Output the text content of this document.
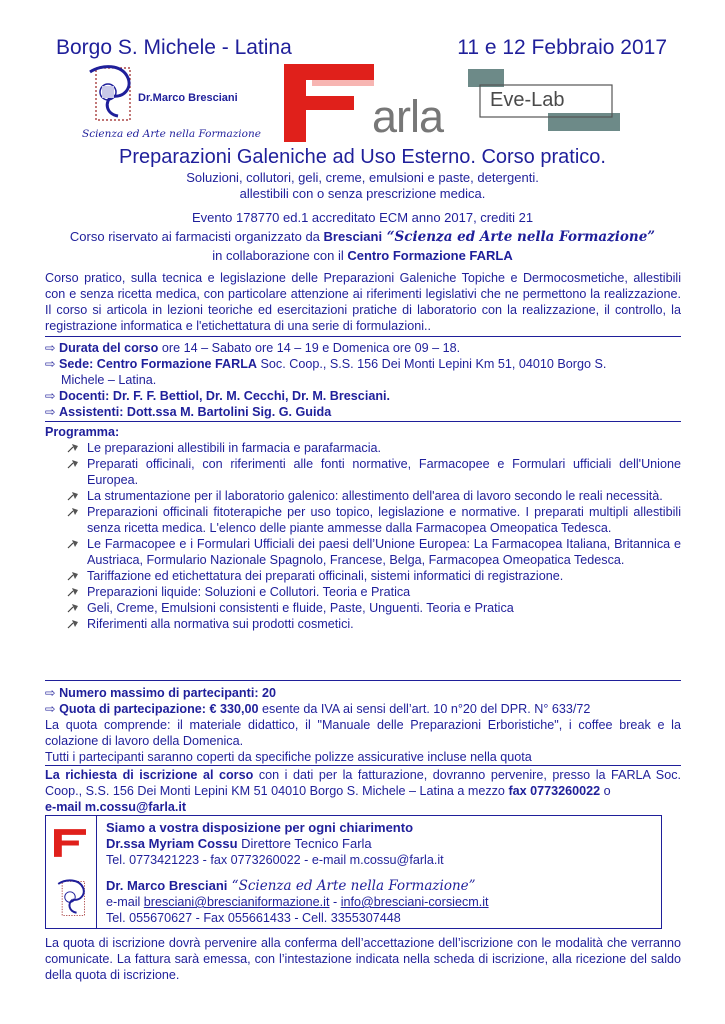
Borgo S. Michele - Latina	11 e 12 Febbraio 2017
Dr.Marco Bresciani
Scienza ed Arte nella Formazione arla Eve-Lab
Preparazioni Galeniche ad Uso Esterno. Corso pratico.
Soluzioni, collutori, geli, creme, emulsioni e paste, detergenti.
allestibili con o senza prescrizione medica.
Evento 178770 ed.1 accreditato ECM anno 2017, crediti 21
Corso riservato ai farmacisti organizzato da Bresciani “Scienza ed Arte nella Formazione”
in collaborazione con il Centro Formazione FARLA
Corso pratico, sulla tecnica e legislazione delle Preparazioni Galeniche Topiche e Dermocosmetiche, allestibili con e senza ricetta medica, con particolare attenzione ai riferimenti legislativi che ne permettono la realizzazione. Il corso si articola in lezioni teoriche ed esercitazioni pratiche di laboratorio con la realizzazione, il controllo, la registrazione informatica e l'etichettatura di una serie di formulazioni..
⇨ Durata del corso ore 14 – Sabato ore 14 – 19 e Domenica ore 09 – 18.
⇨ Sede: Centro Formazione FARLA Soc. Coop., S.S. 156 Dei Monti Lepini Km 51, 04010 Borgo S.
Michele – Latina.
⇨ Docenti: Dr. F. F. Bettiol, Dr. M. Cecchi, Dr. M. Bresciani.
⇨ Assistenti: Dott.ssa M. Bartolini Sig. G. Guida
Programma:
Le preparazioni allestibili in farmacia e parafarmacia.
Preparati officinali, con riferimenti alle fonti normative, Farmacopee e Formulari ufficiali dell'Unione Europea.
La strumentazione per il laboratorio galenico: allestimento dell'area di lavoro secondo le reali necessità.
Preparazioni officinali fitoterapiche per uso topico, legislazione e normative. I preparati multipli allestibili senza ricetta medica. L'elenco delle piante ammesse dalla Farmacopea Omeopatica Tedesca.
Le Farmacopee e i Formulari Ufficiali dei paesi dell’Unione Europea: La Farmacopea Italiana, Britannica e Austriaca, Formulario Nazionale Spagnolo, Francese, Belga, Farmacopea Omeopatica Tedesca.
Tariffazione ed etichettatura dei preparati officinali, sistemi informatici di registrazione.
Preparazioni liquide: Soluzioni e Collutori. Teoria e Pratica
Geli, Creme, Emulsioni consistenti e fluide, Paste, Unguenti. Teoria e Pratica
Riferimenti alla normativa sui prodotti cosmetici.
⇨ Numero massimo di partecipanti: 20
⇨ Quota di partecipazione: € 330,00 esente da IVA ai sensi dell’art. 10 n°20 del DPR. N° 633/72
La quota comprende: il materiale didattico, il "Manuale delle Preparazioni Erboristiche", i coffee break e la colazione di lavoro della Domenica.
Tutti i partecipanti saranno coperti da specifiche polizze assicurative incluse nella quota
La richiesta di iscrizione al corso con i dati per la fatturazione, dovranno pervenire, presso la FARLA Soc. Coop., S.S. 156 Dei Monti Lepini KM 51 04010 Borgo S. Michele – Latina a mezzo fax 0773260022 o
e-mail m.cossu@farla.it
Siamo a vostra disposizione per ogni chiarimento
Dr.ssa Myriam Cossu Direttore Tecnico Farla
Tel. 0773421223 - fax 0773260022 - e-mail m.cossu@farla.it
Dr. Marco Bresciani “Scienza ed Arte nella Formazione”
e-mail bresciani@brescianiformazione.it - info@bresciani-corsiecm.it
Tel. 055670627 - Fax 055661433 - Cell. 3355307448
La quota di iscrizione dovrà pervenire alla conferma dell’accettazione dell’iscrizione con le modalità che verranno comunicate. La fattura sarà emessa, con l’intestazione indicata nella scheda di iscrizione, alla ricezione del saldo della quota di iscrizione.
